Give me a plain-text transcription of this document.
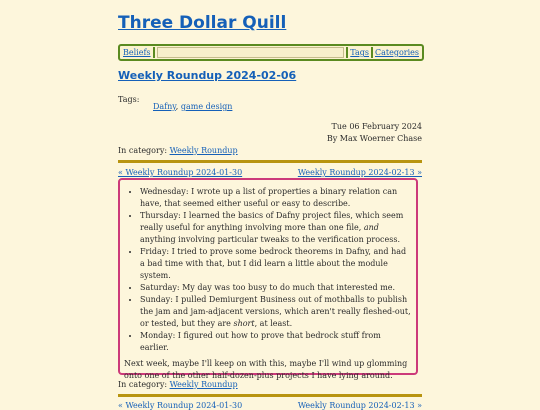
Three Dollar Quill
Beliefs	Tags Categories
Weekly Roundup 2024-02-06
Tags:
Dafny, game design
Tue 06 February 2024
By Max Woerner Chase
In category: Weekly Roundup
« Weekly Roundup 2024-01-30	Weekly Roundup 2024-02-13 »
• Wednesday: I wrote up a list of properties a binary relation can have, that seemed either useful or easy to describe.
• Thursday: I learned the basics of Dafny project files, which seem really useful for anything involving more than one file, and anything involving particular tweaks to the verification process.
• Friday: I tried to prove some bedrock theorems in Dafny, and had a bad time with that, but I did learn a little about the module system.
• Saturday: My day was too busy to do much that interested me.
• Sunday: I pulled Demiurgent Business out of mothballs to publish the jam and jam-adjacent versions, which aren't really fleshed-out, or tested, but they are short, at least.
• Monday: I figured out how to prove that bedrock stuff from earlier.

Next week, maybe I'll keep on with this, maybe I'll wind up glomming onto one of the other half-dozen-plus projects I have lying around.

In category: Weekly Roundup
« Weekly Roundup 2024-01-30	Weekly Roundup 2024-02-13 »
